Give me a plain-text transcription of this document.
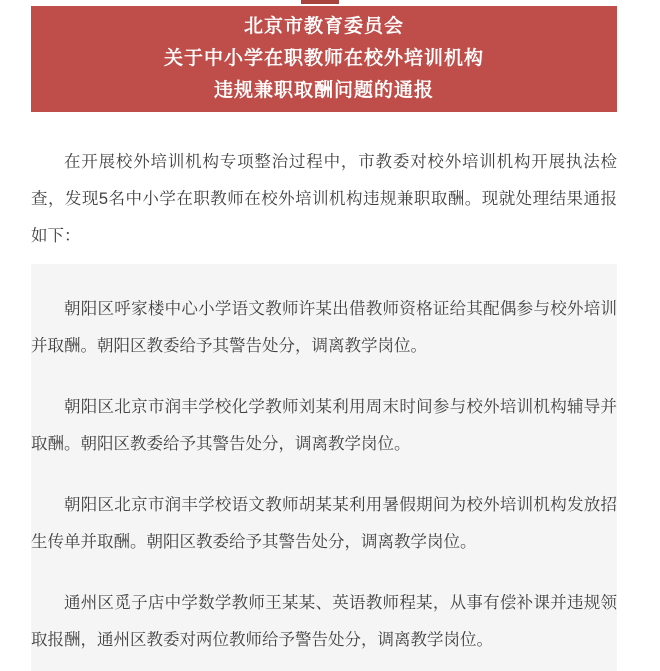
北京市教育委员会
关于中小学在职教师在校外培训机构
违规兼职取酬问题的通报

在开展校外培训机构专项整治过程中，市教委对校外培训机构开展执法检查，发现5名中小学在职教师在校外培训机构违规兼职取酬。现就处理结果通报如下：

朝阳区呼家楼中心小学语文教师许某出借教师资格证给其配偶参与校外培训并取酬。朝阳区教委给予其警告处分，调离教学岗位。

朝阳区北京市润丰学校化学教师刘某利用周末时间参与校外培训机构辅导并取酬。朝阳区教委给予其警告处分，调离教学岗位。

朝阳区北京市润丰学校语文教师胡某某利用暑假期间为校外培训机构发放招生传单并取酬。朝阳区教委给予其警告处分，调离教学岗位。

通州区觅子店中学数学教师王某某、英语教师程某，从事有偿补课并违规领取报酬，通州区教委对两位教师给予警告处分，调离教学岗位。
